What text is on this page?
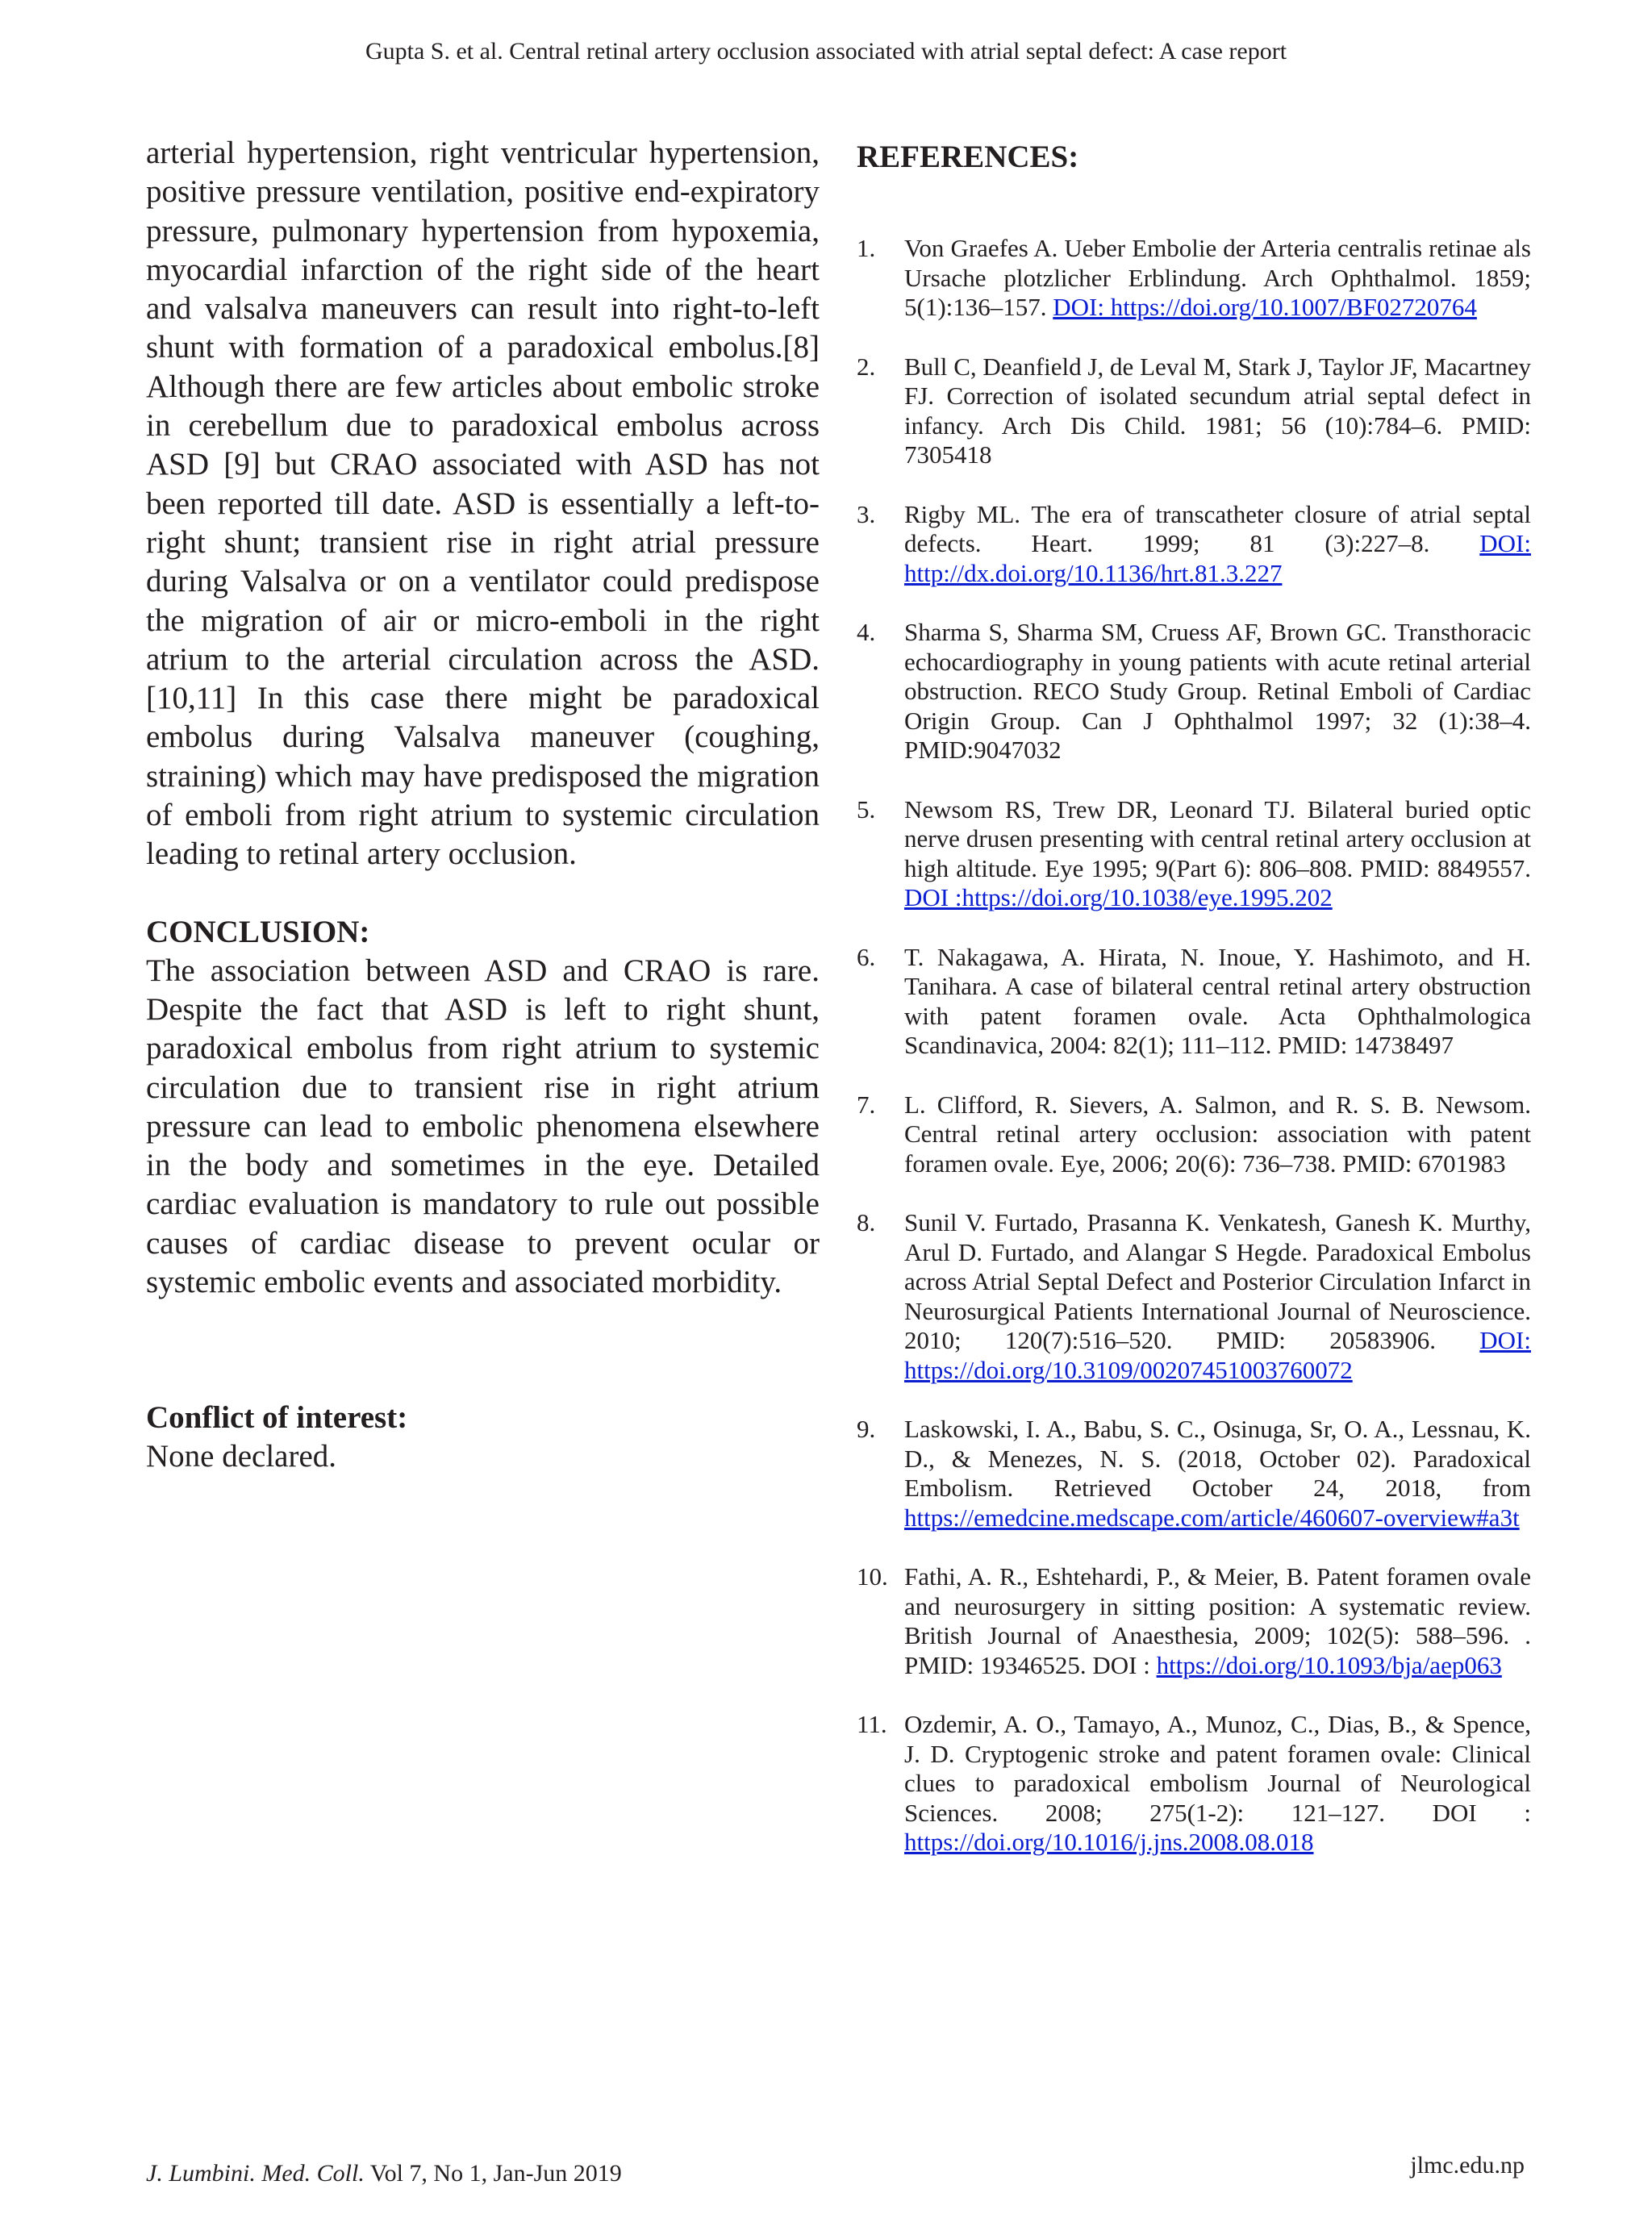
Gupta S. et al. Central retinal artery occlusion associated with atrial septal defect: A case report

arterial hypertension, right ventricular hypertension, positive pressure ventilation, positive end-expiratory pressure, pulmonary hypertension from hypoxemia, myocardial infarction of the right side of the heart and valsalva maneuvers can result into right-to-left shunt with formation of a paradoxical embolus.[8] Although there are few articles about embolic stroke in cerebellum due to paradoxical embolus across ASD [9] but CRAO associated with ASD has not been reported till date. ASD is essentially a left-to-right shunt; transient rise in right atrial pressure during Valsalva or on a ventilator could predispose the migration of air or micro-emboli in the right atrium to the arterial circulation across the ASD.[10,11] In this case there might be paradoxical embolus during Valsalva maneuver (coughing, straining) which may have predisposed the migration of emboli from right atrium to systemic circulation leading to retinal artery occlusion.

CONCLUSION:

The association between ASD and CRAO is rare. Despite the fact that ASD is left to right shunt, paradoxical embolus from right atrium to systemic circulation due to transient rise in right atrium pressure can lead to embolic phenomena elsewhere in the body and sometimes in the eye. Detailed cardiac evaluation is mandatory to rule out possible causes of cardiac disease to prevent ocular or systemic embolic events and associated morbidity.

Conflict of interest:

None declared.

REFERENCES:
1. Von Graefes A. Ueber Embolie der Arteria centralis retinae als Ursache plotzlicher Erblindung. Arch Ophthalmol. 1859; 5(1):136–157. DOI: https://doi.org/10.1007/BF02720764
2. Bull C, Deanfield J, de Leval M, Stark J, Taylor JF, Macartney FJ. Correction of isolated secundum atrial septal defect in infancy. Arch Dis Child. 1981; 56 (10):784–6. PMID: 7305418
3. Rigby ML. The era of transcatheter closure of atrial septal defects. Heart. 1999; 81 (3):227–8. DOI: http://dx.doi.org/10.1136/hrt.81.3.227
4. Sharma S, Sharma SM, Cruess AF, Brown GC. Transthoracic echocardiography in young patients with acute retinal arterial obstruction. RECO Study Group. Retinal Emboli of Cardiac Origin Group. Can J Ophthalmol 1997; 32 (1):38–4. PMID:9047032
5. Newsom RS, Trew DR, Leonard TJ. Bilateral buried optic nerve drusen presenting with central retinal artery occlusion at high altitude. Eye 1995; 9(Part 6): 806–808. PMID: 8849557. DOI :https://doi.org/10.1038/eye.1995.202
6. T. Nakagawa, A. Hirata, N. Inoue, Y. Hashimoto, and H. Tanihara. A case of bilateral central retinal artery obstruction with patent foramen ovale. Acta Ophthalmologica Scandinavica, 2004: 82(1); 111–112. PMID: 14738497
7. L. Clifford, R. Sievers, A. Salmon, and R. S. B. Newsom. Central retinal artery occlusion: association with patent foramen ovale. Eye, 2006; 20(6): 736–738. PMID: 6701983
8. Sunil V. Furtado, Prasanna K. Venkatesh, Ganesh K. Murthy, Arul D. Furtado, and Alangar S Hegde. Paradoxical Embolus across Atrial Septal Defect and Posterior Circulation Infarct in Neurosurgical Patients International Journal of Neuroscience. 2010; 120(7):516–520. PMID: 20583906. DOI: https://doi.org/10.3109/00207451003760072
9. Laskowski, I. A., Babu, S. C., Osinuga, Sr, O. A., Lessnau, K. D., & Menezes, N. S. (2018, October 02). Paradoxical Embolism. Retrieved October 24, 2018, from https://emedcine.medscape.com/article/460607-overview#a3t
10. Fathi, A. R., Eshtehardi, P., & Meier, B. Patent foramen ovale and neurosurgery in sitting position: A systematic review. British Journal of Anaesthesia, 2009; 102(5): 588–596. . PMID: 19346525. DOI : https://doi.org/10.1093/bja/aep063
11. Ozdemir, A. O., Tamayo, A., Munoz, C., Dias, B., & Spence, J. D. Cryptogenic stroke and patent foramen ovale: Clinical clues to paradoxical embolism Journal of Neurological Sciences. 2008; 275(1-2): 121–127. DOI : https://doi.org/10.1016/j.jns.2008.08.018
J. Lumbini. Med. Coll. Vol 7, No 1, Jan-Jun 2019	jlmc.edu.np
